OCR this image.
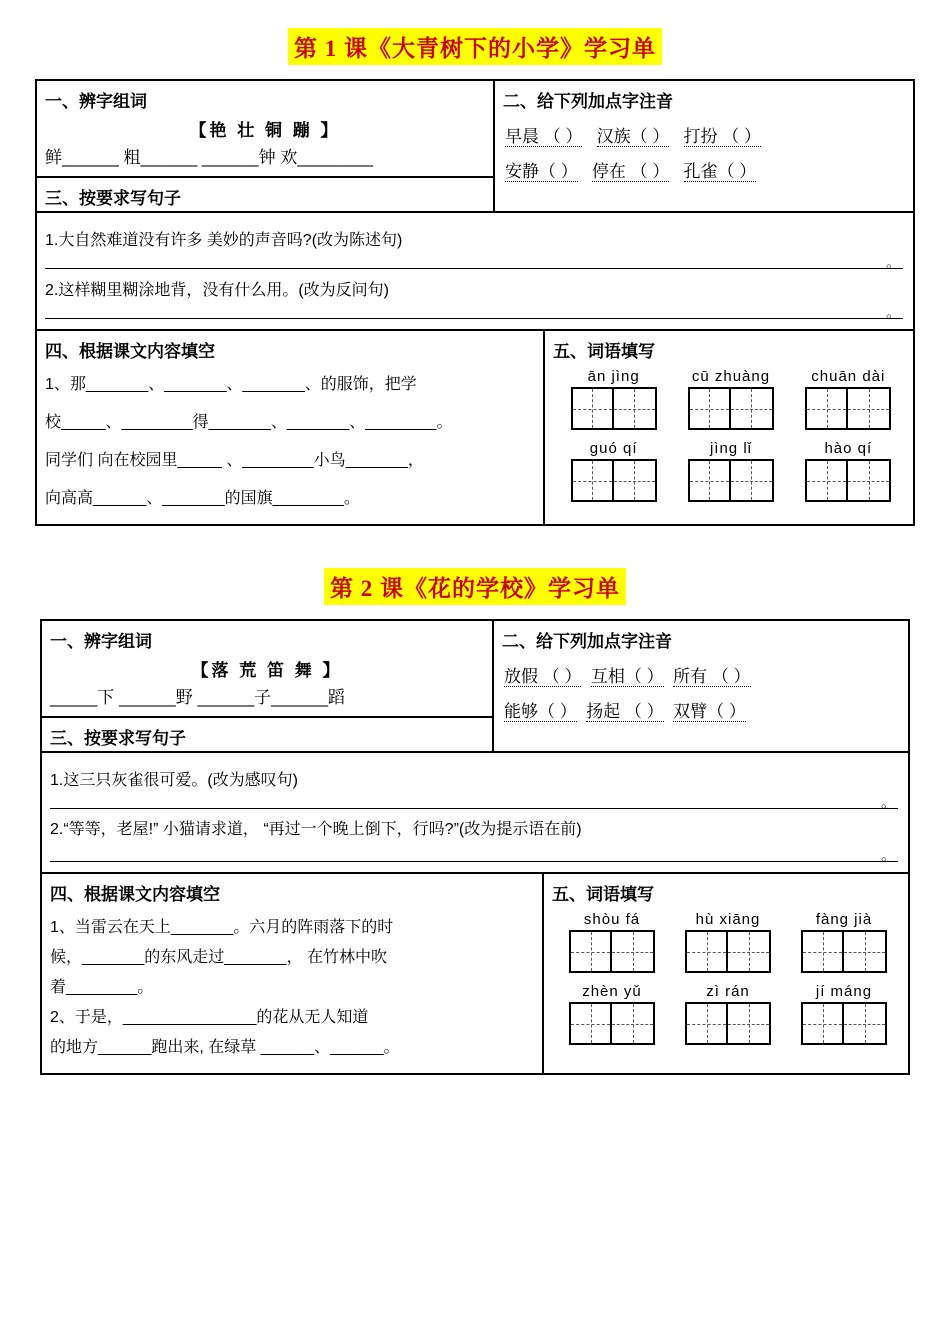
第 1 课《大青树下的小学》学习单
一、辨字组词
【艳 壮 铜 蹦 】
鲜______ 粗______ ______钟 欢________
三、按要求写句子
二、给下列加点字注音
早晨 （ ） 汉族（ ） 打扮 （ ）
安静（ ） 停在 （ ） 孔雀（ ）
1.大自然难道没有许多 美妙的声音吗?(改为陈述句)
。
2.这样糊里糊涂地背，没有什么用。(改为反问句)
。
四、根据课文内容填空
1、那_______、_______、_______、的服饰，把学
校_____、________得_______、_______、________。
同学们 向在校园里_____ 、________小鸟_______，
向高高______、_______的国旗________。
五、词语填写
ān jìng	cū zhuàng	chuān dài
guó qí	jìng lǐ	hào qí
第 2 课《花的学校》学习单
一、辨字组词
【落 荒 笛 舞 】
_____下 ______野 ______子______蹈
三、按要求写句子
二、给下列加点字注音
放假 （ ） 互相（ ） 所有 （ ）
能够（ ） 扬起 （ ） 双臂（ ）
1.这三只灰雀很可爱。(改为感叹句)
。
2.“等等，老屋!” 小猫请求道， “再过一个晚上倒下，行吗?”(改为提示语在前)
。
四、根据课文内容填空
1、当雷云在天上_______。六月的阵雨落下的时
候，_______的东风走过_______， 在竹林中吹
着________。
2、于是，_______________的花从无人知道
的地方______跑出来, 在绿草 ______、______。
五、词语填写
shòu fá	hù xiāng	fàng jià
zhèn yǔ	zì rán	jí máng
